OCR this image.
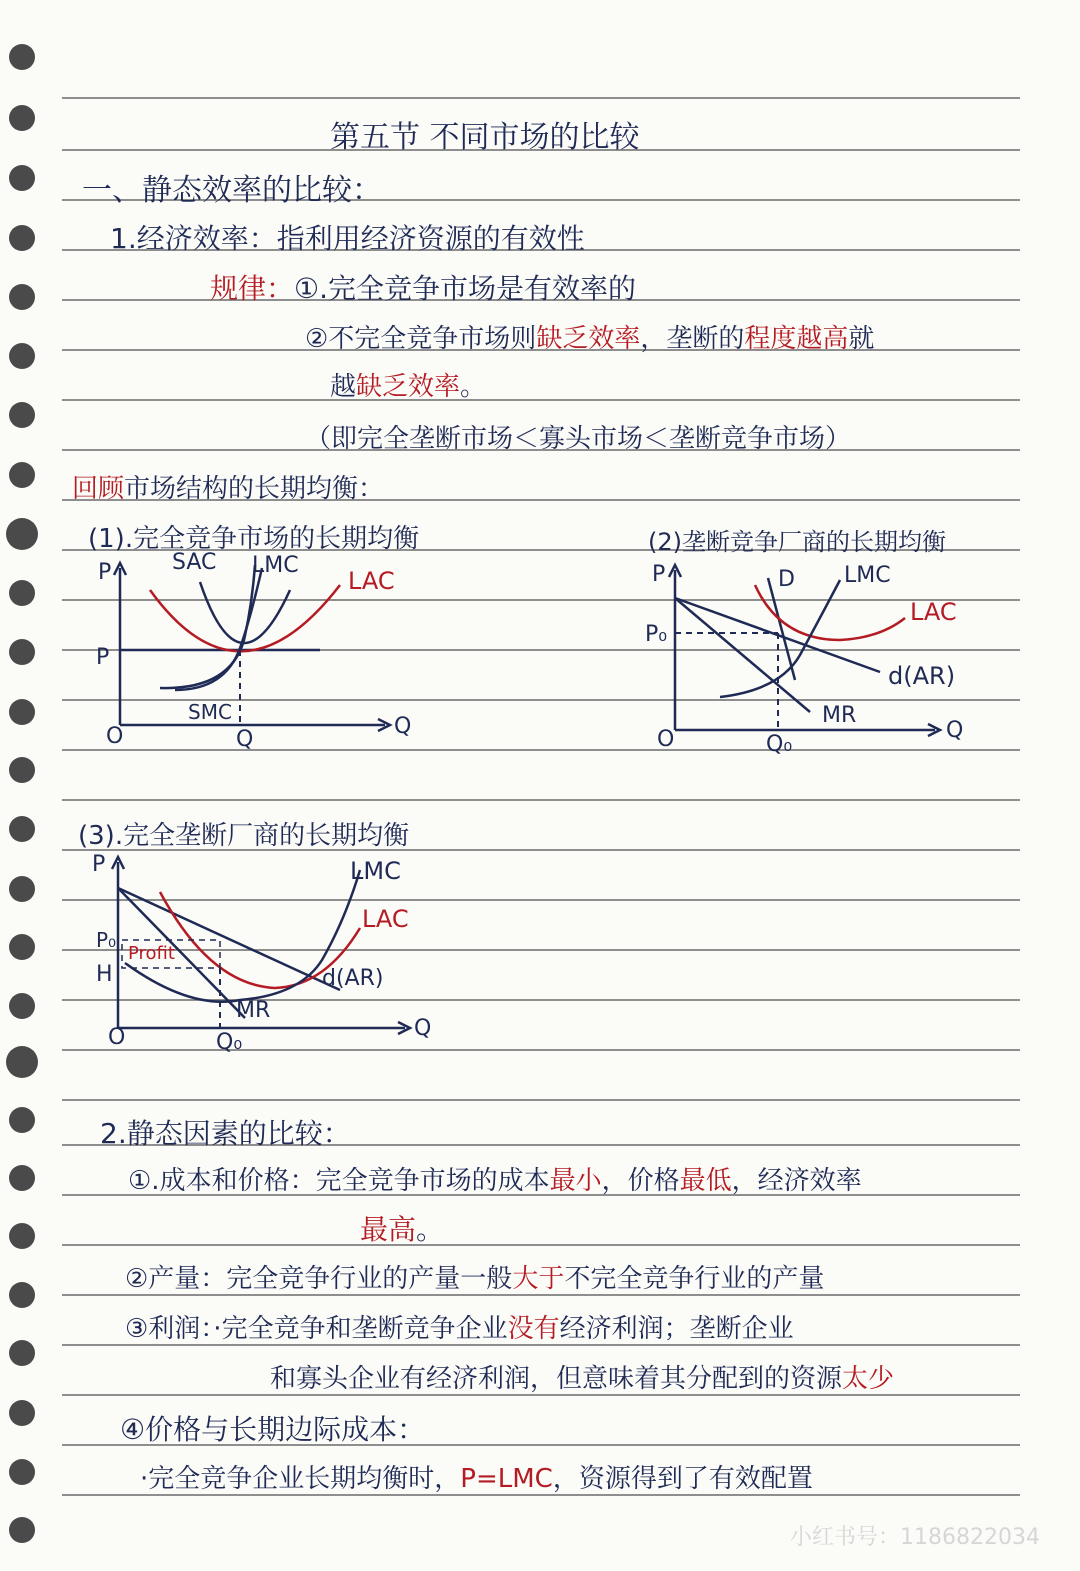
第五节 不同市场的比较
一、静态效率的比较：
1.经济效率：指利用经济资源的有效性
规律：①.完全竞争市场是有效率的
②不完全竞争市场则缺乏效率，垄断的程度越高就
越缺乏效率。
（即完全垄断市场＜寡头市场＜垄断竞争市场）
回顾市场结构的长期均衡：
(1).完全竞争市场的长期均衡
P	SAC LMC
LAC
P
SMC
O	Q
Q
(2)垄断竞争厂商的长期均衡
P	D LMC
LAC
P₀
d(AR)
MR
O	Q₀
Q
(3).完全垄断厂商的长期均衡
P	LMC
LAC
P₀
Profit
H	d(AR)
MR
O	Q₀
Q
2.静态因素的比较：
①.成本和价格：完全竞争市场的成本最小，价格最低，经济效率
最高。
②产量：完全竞争行业的产量一般大于不完全竞争行业的产量
③利润：·完全竞争和垄断竞争企业没有经济利润；垄断企业
和寡头企业有经济利润，但意味着其分配到的资源太少
④价格与长期边际成本：
·完全竞争企业长期均衡时，P=LMC，资源得到了有效配置
小红书号：1186822034
